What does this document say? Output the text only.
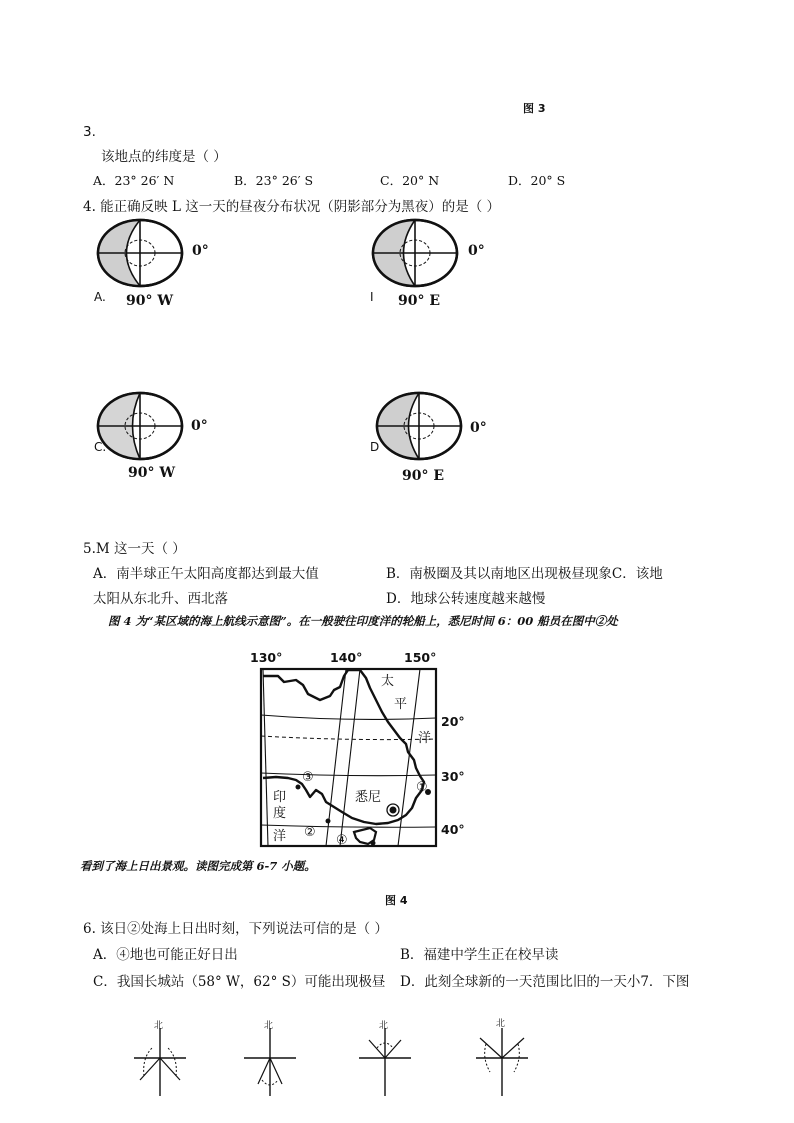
图 3
3.
该地点的纬度是（ ）
A．23° 26′ N	B．23° 26′ S	C．20° N	D．20° S
4. 能正确反映 L 这一天的昼夜分布状况（阴影部分为黑夜）的是（ ）
0°
A. 90° W
0°
I 90° E
0°
C.
90° W
0°
D
90° E
5.M 这一天（ ）
A．南半球正午太阳高度都达到最大值	B．南极圈及其以南地区出现极昼现象C．该地
太阳从东北升、西北落	D．地球公转速度越来越慢
图 4 为“某区域的海上航线示意图”。在一般驶往印度洋的轮船上，悉尼时间 6：00 船员在图中②处
130°	140°	150°
20°
30°
40°
太
平
洋
印
度
洋
悉尼
①
②
③
④
看到了海上日出景观。读图完成第 6-7 小题。
图 4
6. 该日②处海上日出时刻，下列说法可信的是（ ）
A．④地也可能正好日出	B．福建中学生正在校早读
C．我国长城站（58° W，62° S）可能出现极昼 D．此刻全球新的一天范围比旧的一天小7．下图
北	北	北	北
